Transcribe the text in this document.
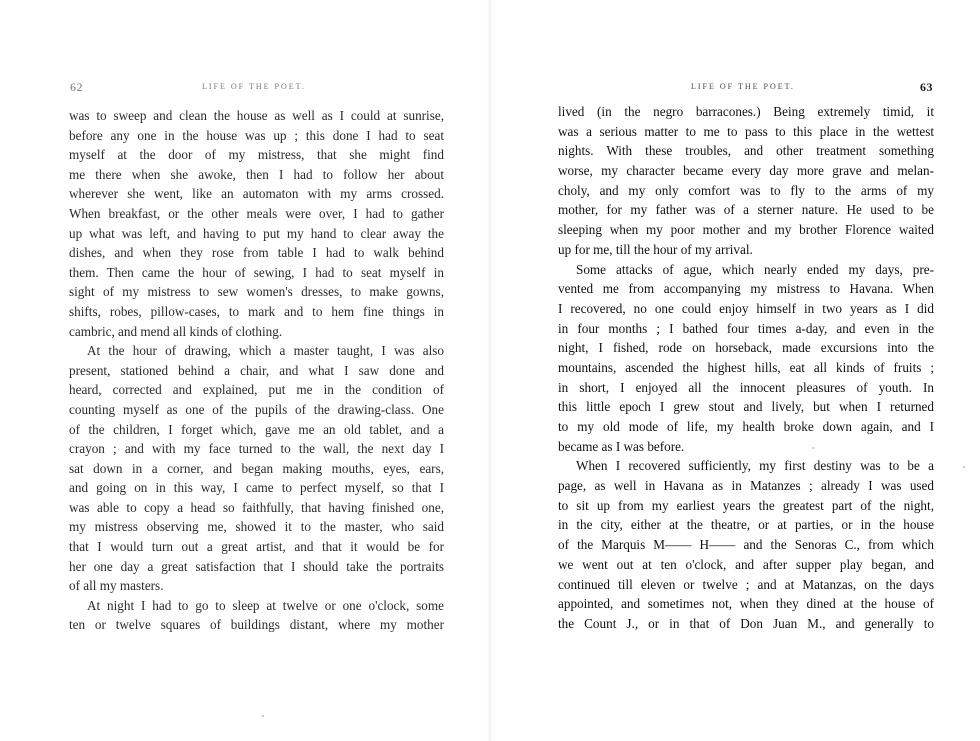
62	LIFE OF THE POET.
was to sweep and clean the house as well as I could at sunrise,
before any one in the house was up ; this done I had to seat
myself at the door of my mistress, that she might find
me there when she awoke, then I had to follow her about
wherever she went, like an automaton with my arms crossed.
When breakfast, or the other meals were over, I had to gather
up what was left, and having to put my hand to clear away the
dishes, and when they rose from table I had to walk behind
them. Then came the hour of sewing, I had to seat myself in
sight of my mistress to sew women's dresses, to make gowns,
shifts, robes, pillow-cases, to mark and to hem fine things in
cambric, and mend all kinds of clothing.
At the hour of drawing, which a master taught, I was also
present, stationed behind a chair, and what I saw done and
heard, corrected and explained, put me in the condition of
counting myself as one of the pupils of the drawing-class. One
of the children, I forget which, gave me an old tablet, and a
crayon ; and with my face turned to the wall, the next day I
sat down in a corner, and began making mouths, eyes, ears,
and going on in this way, I came to perfect myself, so that I
was able to copy a head so faithfully, that having finished one,
my mistress observing me, showed it to the master, who said
that I would turn out a great artist, and that it would be for
her one day a great satisfaction that I should take the portraits
of all my masters.
At night I had to go to sleep at twelve or one o'clock, some
ten or twelve squares of buildings distant, where my mother
LIFE OF THE POET.	63
lived (in the negro barracones.) Being extremely timid, it
was a serious matter to me to pass to this place in the wettest
nights. With these troubles, and other treatment something
worse, my character became every day more grave and melan-
choly, and my only comfort was to fly to the arms of my
mother, for my father was of a sterner nature. He used to be
sleeping when my poor mother and my brother Florence waited
up for me, till the hour of my arrival.
Some attacks of ague, which nearly ended my days, pre-
vented me from accompanying my mistress to Havana. When
I recovered, no one could enjoy himself in two years as I did
in four months ; I bathed four times a-day, and even in the
night, I fished, rode on horseback, made excursions into the
mountains, ascended the highest hills, eat all kinds of fruits ;
in short, I enjoyed all the innocent pleasures of youth. In
this little epoch I grew stout and lively, but when I returned
to my old mode of life, my health broke down again, and I
became as I was before.
When I recovered sufficiently, my first destiny was to be a
page, as well in Havana as in Matanzes ; already I was used
to sit up from my earliest years the greatest part of the night,
in the city, either at the theatre, or at parties, or in the house
of the Marquis M—— H—— and the Senoras C., from which
we went out at ten o'clock, and after supper play began, and
continued till eleven or twelve ; and at Matanzas, on the days
appointed, and sometimes not, when they dined at the house of
the Count J., or in that of Don Juan M., and generally to
